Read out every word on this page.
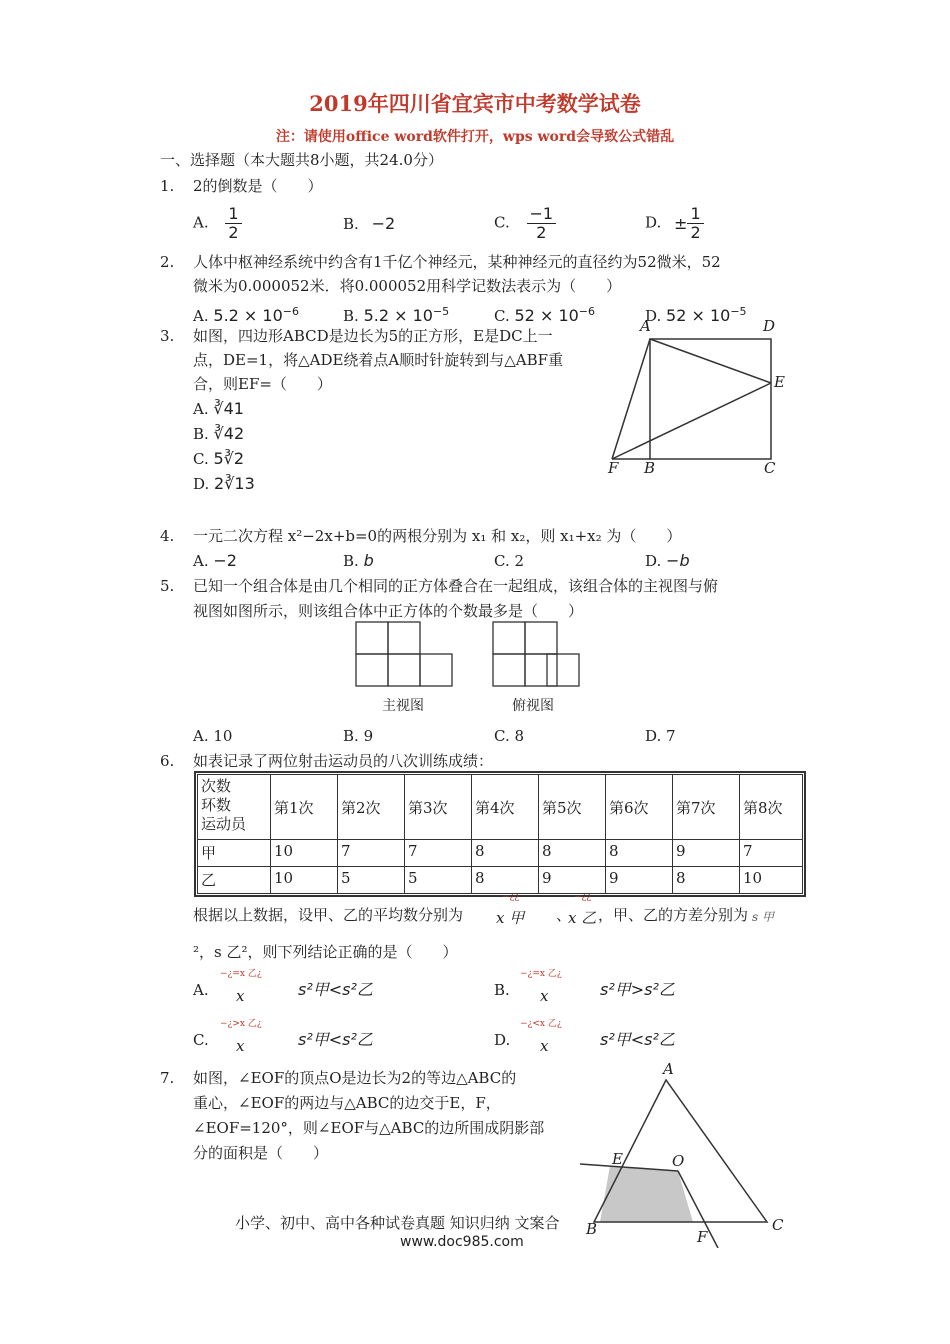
2019年四川省宜宾市中考数学试卷
注：请使用office word软件打开，wps word会导致公式错乱
一、选择题（本大题共8小题，共24.0分）
1. 2的倒数是（　　）
A. $\frac{1}{2}$	B. −2	C. $\frac{-1}{2}$	D. ± $\frac{1}{2}$
2. 人体中枢神经系统中约含有1千亿个神经元，某种神经元的直径约为52微米，52
微米为0.000052米．将0.000052用科学记数法表示为（　　）
A. $5.2 \times 10^{-6}$	B. $5.2 \times 10^{-5}$	C. $52 \times 10^{-6}$	D. $52 \times 10^{-5}$
3. 如图，四边形ABCD是边长为5的正方形，E是DC上一
点，DE=1，将△ADE绕着点A顺时针旋转到与△ABF重
合，则EF=（　　）
A. ∛41
B. ∛42
C. 5∛2
D. 2∛13
A	D
E
F B	C
4. 一元二次方程 x²−2x+b=0的两根分别为 x₁ 和 x₂，则 x₁+x₂ 为（　　）
A. −2	B. b	C. 2	D. −b
5. 已知一个组合体是由几个相同的正方体叠合在一起组成，该组合体的主视图与俯
视图如图所示，则该组合体中正方体的个数最多是（　　）
主视图	俯视图
A. 10	B. 9	C. 8	D. 7
6. 如表记录了两位射击运动员的八次训练成绩：
次数
环数
运动员	第1次	第2次	第3次	第4次	第5次	第6次	第7次	第8次
甲	10	7	7	8	8	8	9	7
乙	10	5	5	8	9	9	8	10
−¿¿	−¿¿
根据以上数据，设甲、乙的平均数分别为 x 甲 、
x 乙 ，甲、乙的方差分别为 s 甲
²，s 乙²，则下列结论正确的是（　　）
A.
−¿=x 乙¿
x	s²甲<s²乙	B.
−¿=x 乙¿
x	s²甲>s²乙
C.
−¿>x 乙¿
x	s²甲<s²乙	D.
−¿<x 乙¿
x	s²甲<s²乙
7. 如图，∠EOF的顶点O是边长为2的等边△ABC的
重心，∠EOF的两边与△ABC的边交于E，F，
∠EOF=120°，则∠EOF与△ABC的边所围成阴影部
分的面积是（　　）
A
E	O
B	C
F
小学、初中、高中各种试卷真题 知识归纳 文案合
www.doc985.com
